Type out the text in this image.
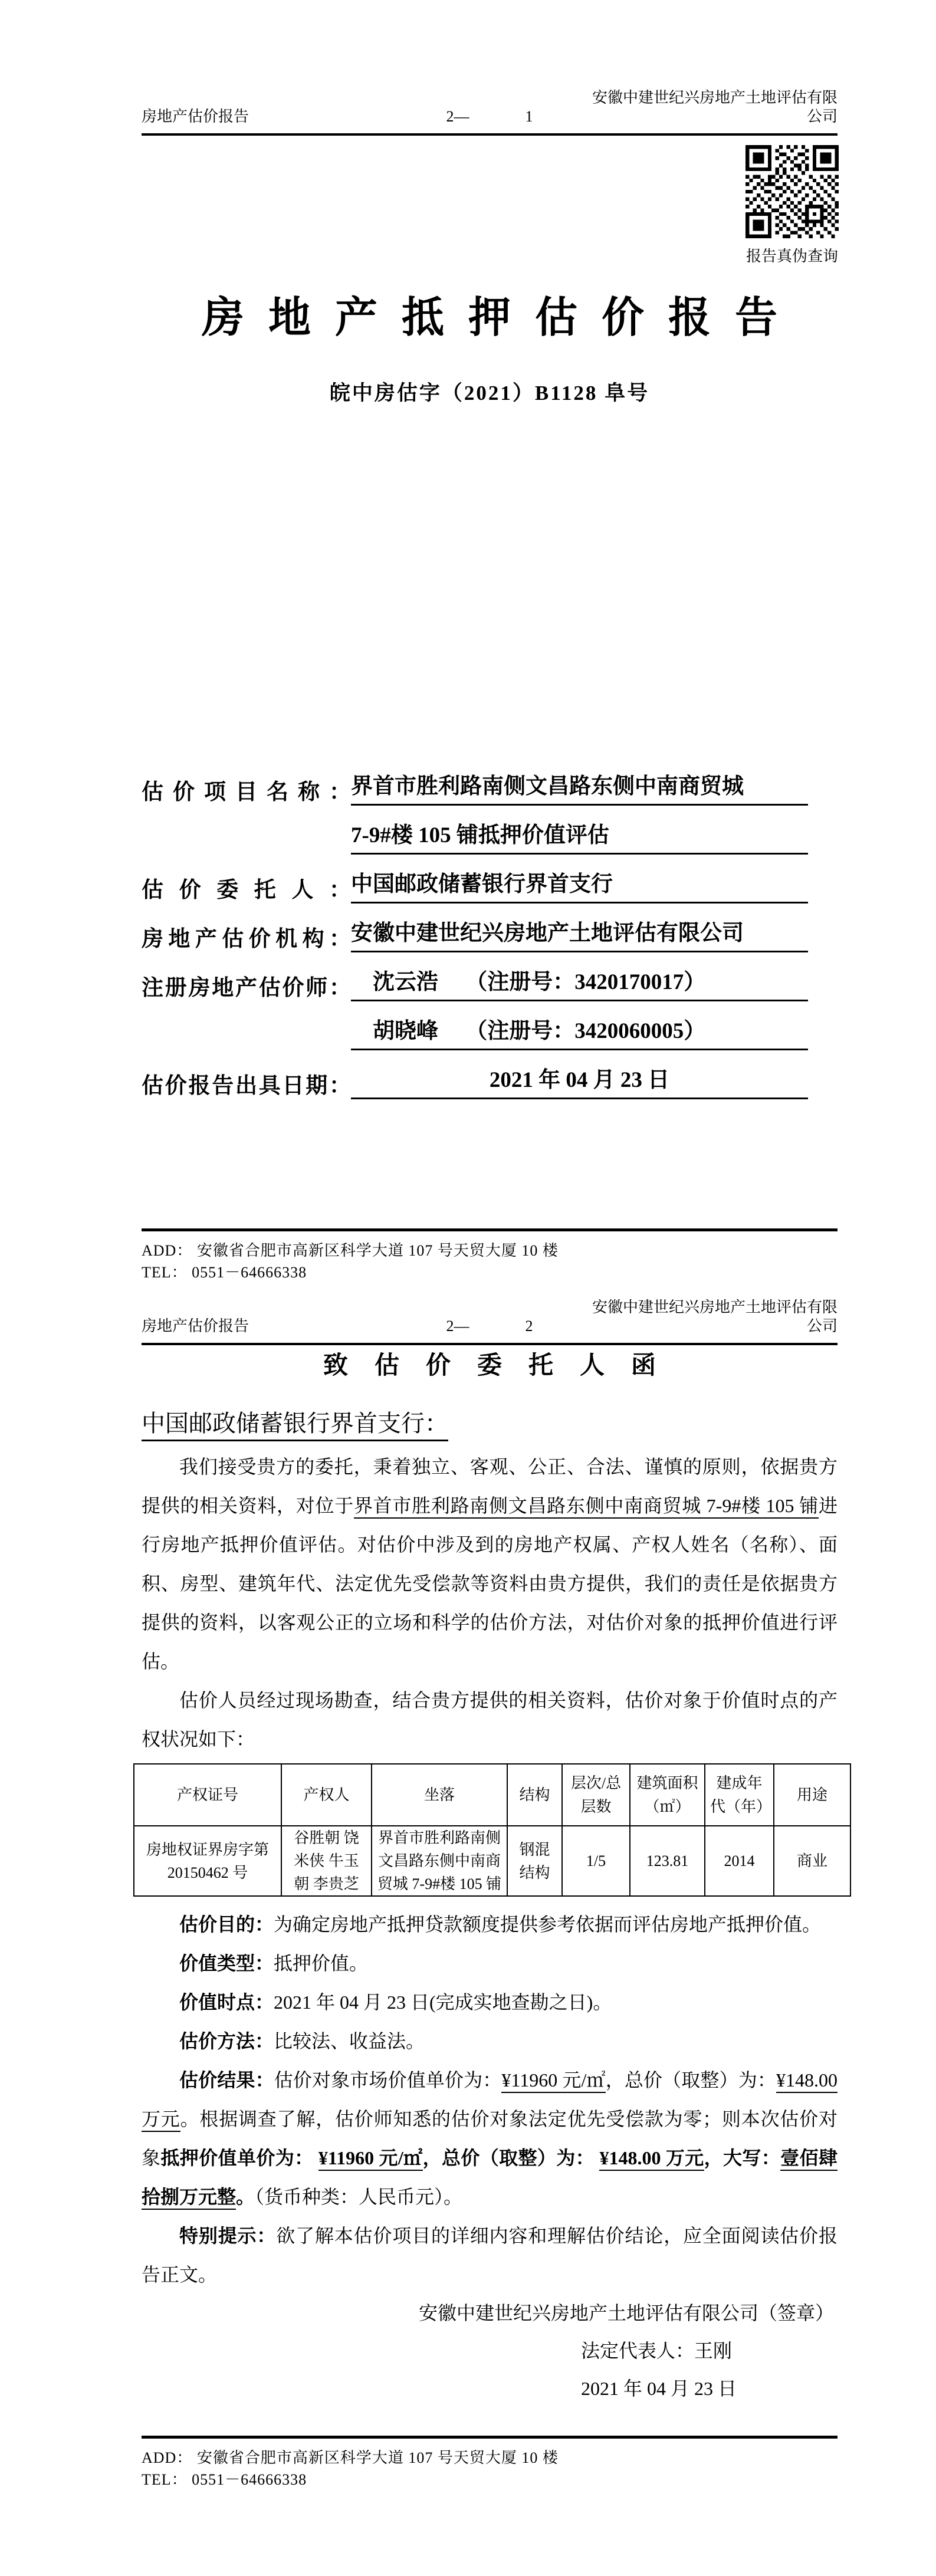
房地产估价报告	2—	1
安徽中建世纪兴房地产土地评估有限公司
房地产抵押估价报告
皖中房估字（2021）B1128 阜号
估价项目名称： 界首市胜利路南侧文昌路东侧中南商贸城
7-9#楼 105 铺抵押价值评估
估价委托人： 中国邮政储蓄银行界首支行
房地产估价机构： 安徽中建世纪兴房地产土地评估有限公司
注册房地产估价师： 　沈云浩　 （注册号：3420170017）
　胡晓峰　 （注册号：3420060005）
估价报告出具日期：	2021 年 04 月 23 日
报告真伪查询
ADD： 安徽省合肥市高新区科学大道 107 号天贸大厦 10 楼
TEL： 0551－64666338
房地产估价报告	2—	2
安徽中建世纪兴房地产土地评估有限公司
致估价委托人函
中国邮政储蓄银行界首支行：
我们接受贵方的委托，秉着独立、客观、公正、合法、谨慎的原则，依据贵方提供的相关资料，对位于界首市胜利路南侧文昌路东侧中南商贸城 7-9#楼 105 铺进行房地产抵押价值评估。对估价中涉及到的房地产权属、产权人姓名（名称）、面积、房型、建筑年代、法定优先受偿款等资料由贵方提供，我们的责任是依据贵方提供的资料，以客观公正的立场和科学的估价方法，对估价对象的抵押价值进行评估。
估价人员经过现场勘查，结合贵方提供的相关资料，估价对象于价值时点的产权状况如下：
产权证号	产权人	坐落	结构	层次/总层数	建筑面积（㎡）	建成年代（年）	用途
房地权证界房字第 20150462 号	谷胜朝 饶米侠 牛玉朝 李贵芝	界首市胜利路南侧文昌路东侧中南商贸城 7-9#楼 105 铺	钢混结构	1/5	123.81	2014	商业
估价目的：为确定房地产抵押贷款额度提供参考依据而评估房地产抵押价值。
价值类型：抵押价值。
价值时点：2021 年 04 月 23 日(完成实地查勘之日)。
估价方法：比较法、收益法。
估价结果：估价对象市场价值单价为：¥11960 元/㎡，总价（取整）为：¥148.00 万元。根据调查了解，估价师知悉的估价对象法定优先受偿款为零；则本次估价对象抵押价值单价为： ¥11960 元/㎡，总价（取整）为： ¥148.00 万元，大写：壹佰肆拾捌万元整。（货币种类：人民币元）。
特别提示：欲了解本估价项目的详细内容和理解估价结论，应全面阅读估价报告正文。
安徽中建世纪兴房地产土地评估有限公司（签章）
法定代表人：王刚
2021 年 04 月 23 日
ADD： 安徽省合肥市高新区科学大道 107 号天贸大厦 10 楼
TEL： 0551－64666338
